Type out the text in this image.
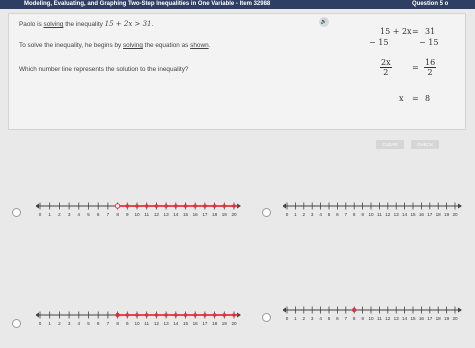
Modeling, Evaluating, and Graphing Two-Step Inequalities in One Variable - Item 32988	Question 5 o
Paolo is solving the inequality 15 + 2x > 31.
To solve the inequality, he begins by solving the equation as shown.
Which number line represents the solution to the inequality?
🔊
15 + 2x = 31
− 15	− 15
$\frac{2x}{2}$	= $\frac{16}{2}$
x = 8
CLEAR	CHECK
0 1 2 3 4 5 6 7 8 9 10 11 12 13 14 15 16 17 18 19 20	0 1 2 3 4 5 6 7 8 9 10 11 12 13 14 15 16 17 18 19 20
0 1 2 3 4 5 6 7 8 9 10 11 12 13 14 15 16 17 18 19 20
0 1 2 3 4 5 6 7 8 9 10 11 12 13 14 15 16 17 18 19 20
